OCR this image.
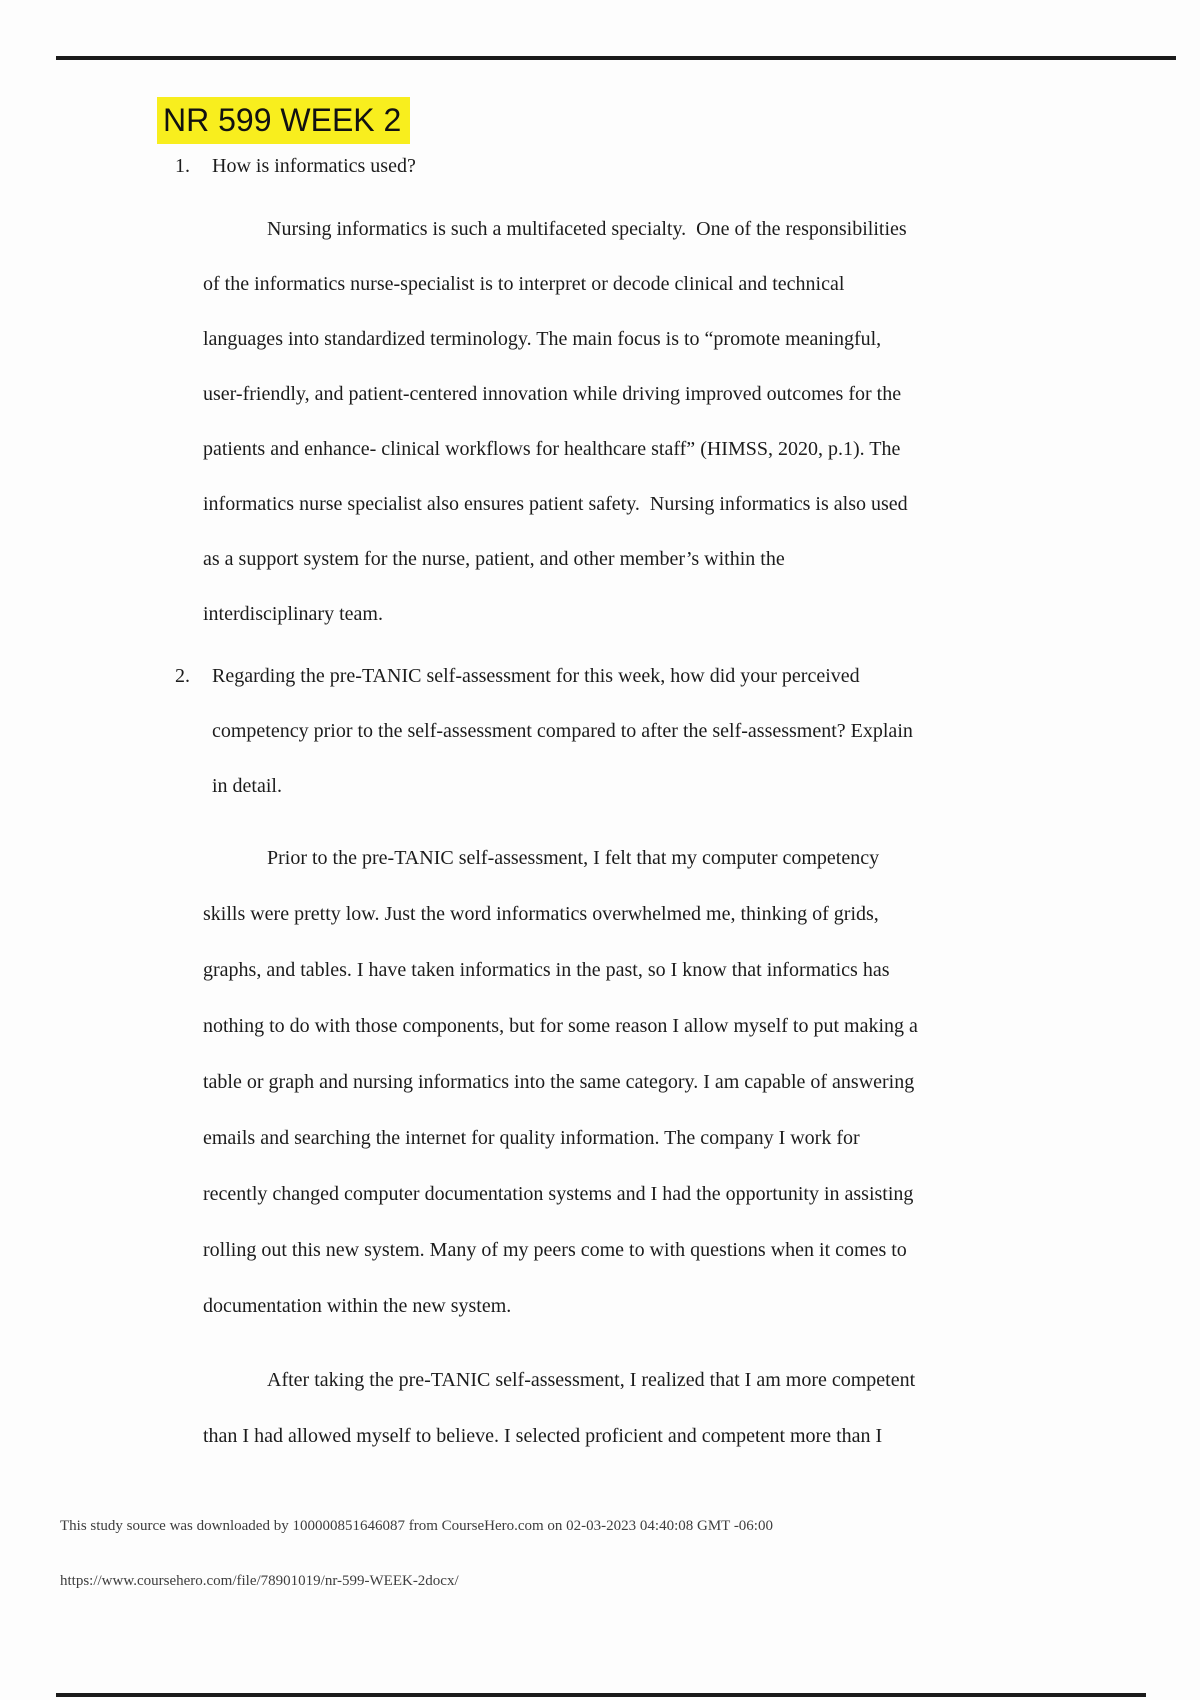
NR 599 WEEK 2
1. How is informatics used?
Nursing informatics is such a multifaceted specialty.  One of the responsibilities
of the informatics nurse-specialist is to interpret or decode clinical and technical
languages into standardized terminology. The main focus is to “promote meaningful,
user-friendly, and patient-centered innovation while driving improved outcomes for the
patients and enhance- clinical workflows for healthcare staff” (HIMSS, 2020, p.1). The
informatics nurse specialist also ensures patient safety.  Nursing informatics is also used
as a support system for the nurse, patient, and other member’s within the
interdisciplinary team.
2. Regarding the pre-TANIC self-assessment for this week, how did your perceived
competency prior to the self-assessment compared to after the self-assessment? Explain
in detail.
Prior to the pre-TANIC self-assessment, I felt that my computer competency
skills were pretty low. Just the word informatics overwhelmed me, thinking of grids,
graphs, and tables. I have taken informatics in the past, so I know that informatics has
nothing to do with those components, but for some reason I allow myself to put making a
table or graph and nursing informatics into the same category. I am capable of answering
emails and searching the internet for quality information. The company I work for
recently changed computer documentation systems and I had the opportunity in assisting
rolling out this new system. Many of my peers come to with questions when it comes to
documentation within the new system.
After taking the pre-TANIC self-assessment, I realized that I am more competent
than I had allowed myself to believe. I selected proficient and competent more than I
This study source was downloaded by 100000851646087 from CourseHero.com on 02-03-2023 04:40:08 GMT -06:00
https://www.coursehero.com/file/78901019/nr-599-WEEK-2docx/
